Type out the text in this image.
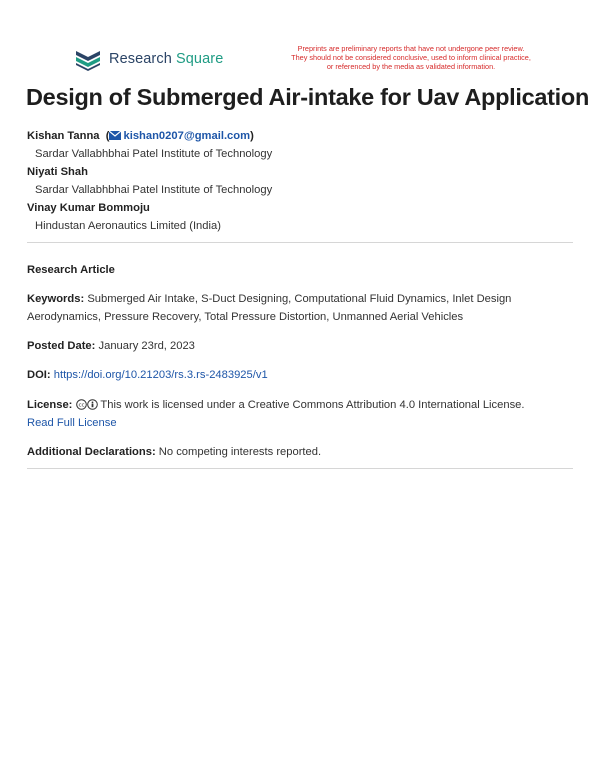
Research Square
Preprints are preliminary reports that have not undergone peer review.
They should not be considered conclusive, used to inform clinical practice,
or referenced by the media as validated information.
Design of Submerged Air-intake for Uav Application
Kishan Tanna  ( kishan0207@gmail.com)
Sardar Vallabhbhai Patel Institute of Technology
Niyati Shah
Sardar Vallabhbhai Patel Institute of Technology
Vinay Kumar Bommoju
Hindustan Aeronautics Limited (India)
Research Article
Keywords: Submerged Air Intake, S-Duct Designing, Computational Fluid Dynamics, Inlet Design Aerodynamics, Pressure Recovery, Total Pressure Distortion, Unmanned Aerial Vehicles
Posted Date: January 23rd, 2023
DOI: https://doi.org/10.21203/rs.3.rs-2483925/v1
License: cc This work is licensed under a Creative Commons Attribution 4.0 International License.
Read Full License
Additional Declarations: No competing interests reported.
